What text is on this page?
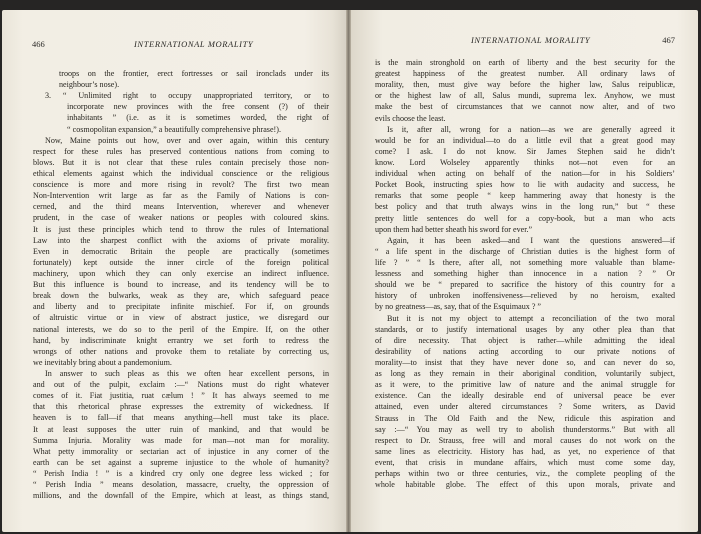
466	INTERNATIONAL MORALITY
troops on the frontier, erect fortresses or sail ironclads under its
neighbour’s nose).
3. “ Unlimited right to occupy unappropriated territory, or to
incorporate new provinces with the free consent (?) of their
inhabitants ” (i.e. as it is sometimes worded, the right of
“ cosmopolitan expansion,” a beautifully comprehensive phrase!).
Now, Maine points out how, over and over again, within this century
respect for these rules has preserved contentious nations from coming to
blows. But it is not clear that these rules contain precisely those non-
ethical elements against which the individual conscience or the religious
conscience is more and more rising in revolt? The first two mean
Non-Intervention writ large as far as the Family of Nations is con-
cerned, and the third means Intervention, wherever and whenever
prudent, in the case of weaker nations or peoples with coloured skins.
It is just these principles which tend to throw the rules of International
Law into the sharpest conflict with the axioms of private morality.
Even in democratic Britain the people are practically (sometimes
fortunately) kept outside the inner circle of the foreign political
machinery, upon which they can only exercise an indirect influence.
But this influence is bound to increase, and its tendency will be to
break down the bulwarks, weak as they are, which safeguard peace
and liberty and to precipitate infinite mischief. For if, on grounds
of altruistic virtue or in view of abstract justice, we disregard our
national interests, we do so to the peril of the Empire. If, on the other
hand, by indiscriminate knight errantry we set forth to redress the
wrongs of other nations and provoke them to retaliate by correcting us,
we inevitably bring about a pandemonium.
In answer to such pleas as this we often hear excellent persons, in
and out of the pulpit, exclaim :—“ Nations must do right whatever
comes of it. Fiat justitia, ruat cælum ! ” It has always seemed to me
that this rhetorical phrase expresses the extremity of wickedness. If
heaven is to fall—if that means anything—hell must take its place.
It at least supposes the utter ruin of mankind, and that would be
Summa Injuria. Morality was made for man—not man for morality.
What petty immorality or sectarian act of injustice in any corner of the
earth can be set against a supreme injustice to the whole of humanity?
“ Perish India ! ” is a kindred cry only one degree less wicked ; for
“ Perish India ” means desolation, massacre, cruelty, the oppression of
millions, and the downfall of the Empire, which at least, as things stand,
INTERNATIONAL MORALITY	467
is the main stronghold on earth of liberty and the best security for the
greatest happiness of the greatest number. All ordinary laws of
morality, then, must give way before the higher law, Salus reipublicæ,
or the highest law of all, Salus mundi, suprema lex. Anyhow, we must
make the best of circumstances that we cannot now alter, and of two
evils choose the least.
Is it, after all, wrong for a nation—as we are generally agreed it
would be for an individual—to do a little evil that a great good may
come? I ask. I do not know. Sir James Stephen said he didn’t
know. Lord Wolseley apparently thinks not—not even for an
individual when acting on behalf of the nation—for in his Soldiers’
Pocket Book, instructing spies how to lie with audacity and success, he
remarks that some people “ keep hammering away that honesty is the
best policy and that truth always wins in the long run,” but “ these
pretty little sentences do well for a copy-book, but a man who acts
upon them had better sheath his sword for ever.”
Again, it has been asked—and I want the questions answered—if
“ a life spent in the discharge of Christian duties is the highest form of
life ? ” “ Is there, after all, not something more valuable than blame-
lessness and something higher than innocence in a nation ? ” Or
should we be “ prepared to sacrifice the history of this country for a
history of unbroken inoffensiveness—relieved by no heroism, exalted
by no greatness—as, say, that of the Esquimaux ? ”
But it is not my object to attempt a reconciliation of the two moral
standards, or to justify international usages by any other plea than that
of dire necessity. That object is rather—while admitting the ideal
desirability of nations acting according to our private notions of
morality—to insist that they have never done so, and can never do so,
as long as they remain in their aboriginal condition, voluntarily subject,
as it were, to the primitive law of nature and the animal struggle for
existence. Can the ideally desirable end of universal peace be ever
attained, even under altered circumstances ? Some writers, as David
Strauss in The Old Faith and the New, ridicule this aspiration and
say :—“ You may as well try to abolish thunderstorms.” But with all
respect to Dr. Strauss, free will and moral causes do not work on the
same lines as electricity. History has had, as yet, no experience of that
event, that crisis in mundane affairs, which must come some day,
perhaps within two or three centuries, viz., the complete peopling of the
whole habitable globe. The effect of this upon morals, private and
